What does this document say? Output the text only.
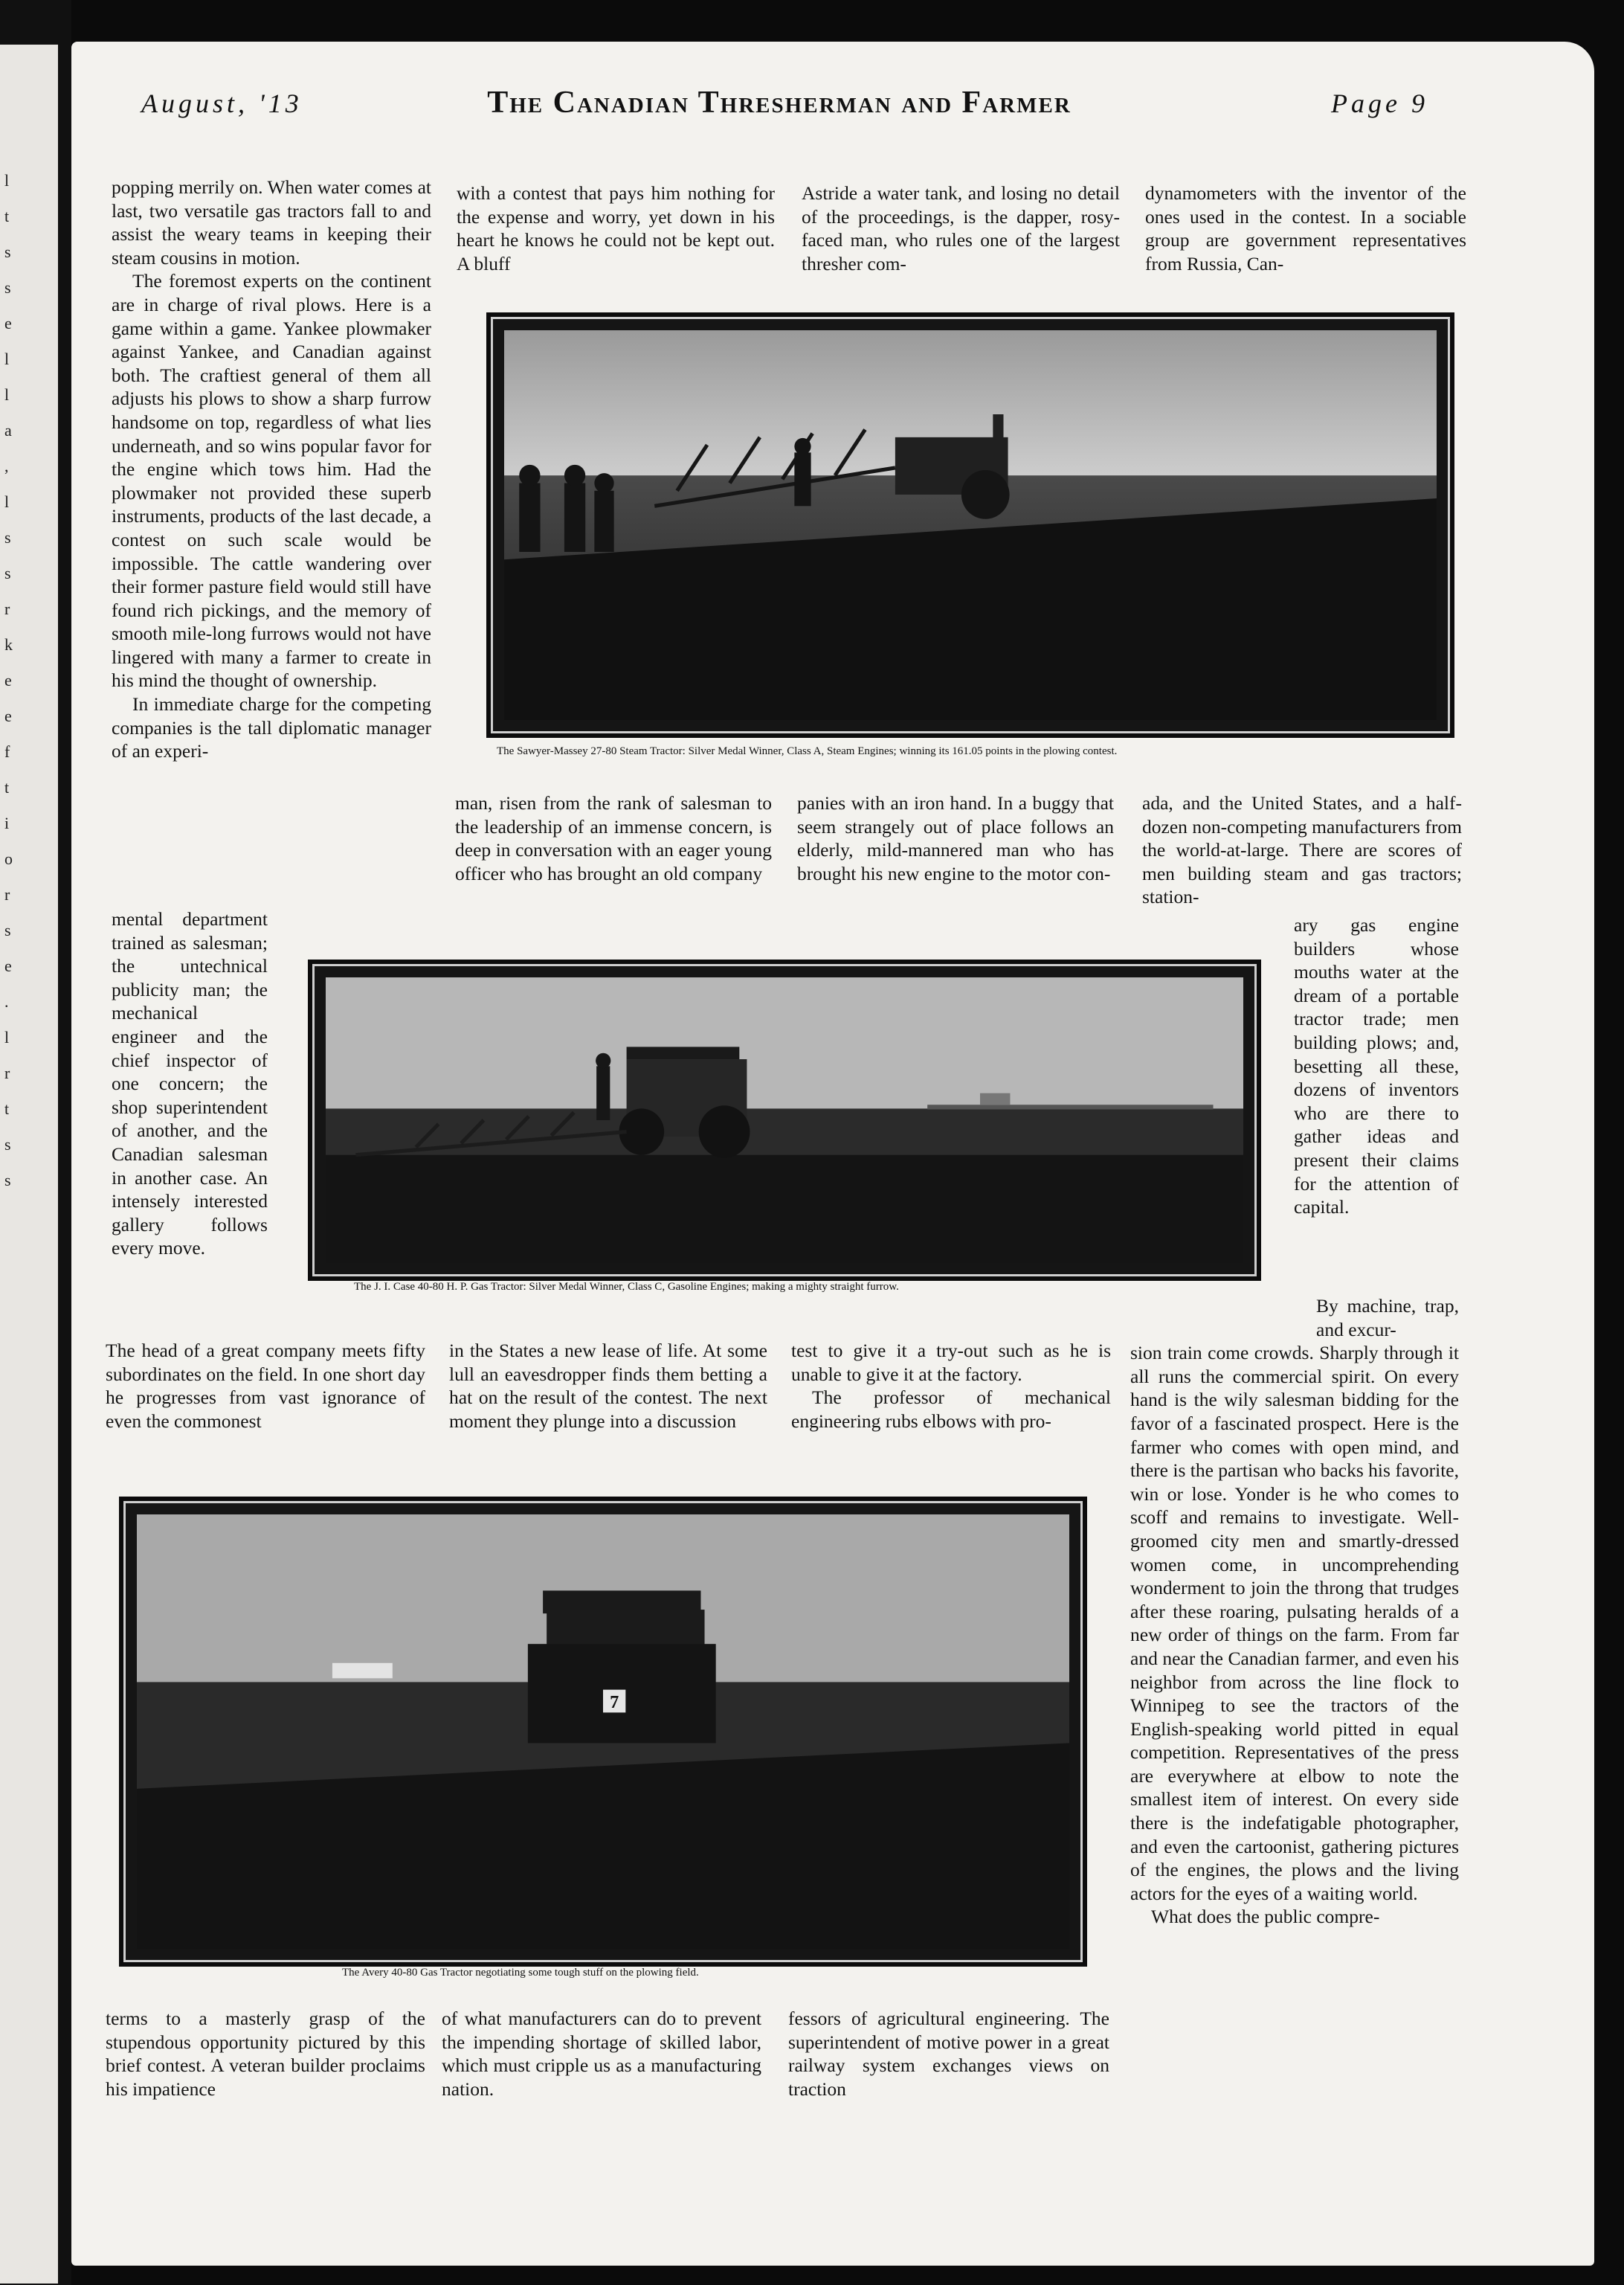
l
t
s
s
e
l
l
a
,
l
s
s
r
k
e
e
f
t
i
o
r
s
e
.
l
r
t
s
s
August, '13	The Canadian Thresherman and Farmer	Page 9

popping merrily on. When water comes at last, two versatile gas tractors fall to and assist the weary teams in keeping their steam cousins in motion.

The foremost experts on the continent are in charge of rival plows. Here is a game within a game. Yankee plowmaker against Yankee, and Canadian against both. The craftiest general of them all adjusts his plows to show a sharp furrow handsome on top, regardless of what lies underneath, and so wins popular favor for the engine which tows him. Had the plowmaker not provided these superb instruments, products of the last decade, a contest on such scale would be impossible. The cattle wandering over their former pasture field would still have found rich pickings, and the memory of smooth mile-long furrows would not have lingered with many a farmer to create in his mind the thought of ownership.

In immediate charge for the competing companies is the tall diplomatic manager of an experi-

mental department trained as salesman; the untechnical publicity man; the mechanical engineer and the chief inspector of one concern; the shop superintendent of another, and the Canadian salesman in another case. An intensely interested gallery follows every move.

The head of a great company meets fifty subordinates on the field. In one short day he progresses from vast ignorance of even the commonest

terms to a masterly grasp of the stupendous opportunity pictured by this brief contest. A veteran builder proclaims his impatience

with a contest that pays him nothing for the expense and worry, yet down in his heart he knows he could not be kept out. A bluff

man, risen from the rank of salesman to the leadership of an immense concern, is deep in conversation with an eager young officer who has brought an old company

in the States a new lease of life. At some lull an eavesdropper finds them betting a hat on the result of the contest. The next moment they plunge into a discussion

of what manufacturers can do to prevent the impending shortage of skilled labor, which must cripple us as a manufacturing nation.

Astride a water tank, and losing no detail of the proceedings, is the dapper, rosy-faced man, who rules one of the largest thresher com-

panies with an iron hand. In a buggy that seem strangely out of place follows an elderly, mild-mannered man who has brought his new engine to the motor con-

test to give it a try-out such as he is unable to give it at the factory.

The professor of mechanical engineering rubs elbows with pro-

fessors of agricultural engineering. The superintendent of motive power in a great railway system exchanges views on traction

dynamometers with the inventor of the ones used in the contest. In a sociable group are government representatives from Russia, Can-

ada, and the United States, and a half-dozen non-competing manufacturers from the world-at-large. There are scores of men building steam and gas tractors; station-

ary gas engine builders whose mouths water at the dream of a portable tractor trade; men building plows; and, besetting all these, dozens of inventors who are there to gather ideas and present their claims for the attention of capital.

By machine, trap, and excur-

sion train come crowds. Sharply through it all runs the commercial spirit. On every hand is the wily salesman bidding for the favor of a fascinated prospect. Here is the farmer who comes with open mind, and there is the partisan who backs his favorite, win or lose. Yonder is he who comes to scoff and remains to investigate. Well-groomed city men and smartly-dressed women come, in uncomprehending wonderment to join the throng that trudges after these roaring, pulsating heralds of a new order of things on the farm. From far and near the Canadian farmer, and even his neighbor from across the line flock to Winnipeg to see the tractors of the English-speaking world pitted in equal competition. Representatives of the press are everywhere at elbow to note the smallest item of interest. On every side there is the indefatigable photographer, and even the cartoonist, gathering pictures of the engines, the plows and the living actors for the eyes of a waiting world.

What does the public compre-

The Sawyer-Massey 27-80 Steam Tractor: Silver Medal Winner, Class A, Steam Engines; winning its 161.05 points in the plowing contest.
The J. I. Case 40-80 H. P. Gas Tractor: Silver Medal Winner, Class C, Gasoline Engines; making a mighty straight furrow.
7
The Avery 40-80 Gas Tractor negotiating some tough stuff on the plowing field.
